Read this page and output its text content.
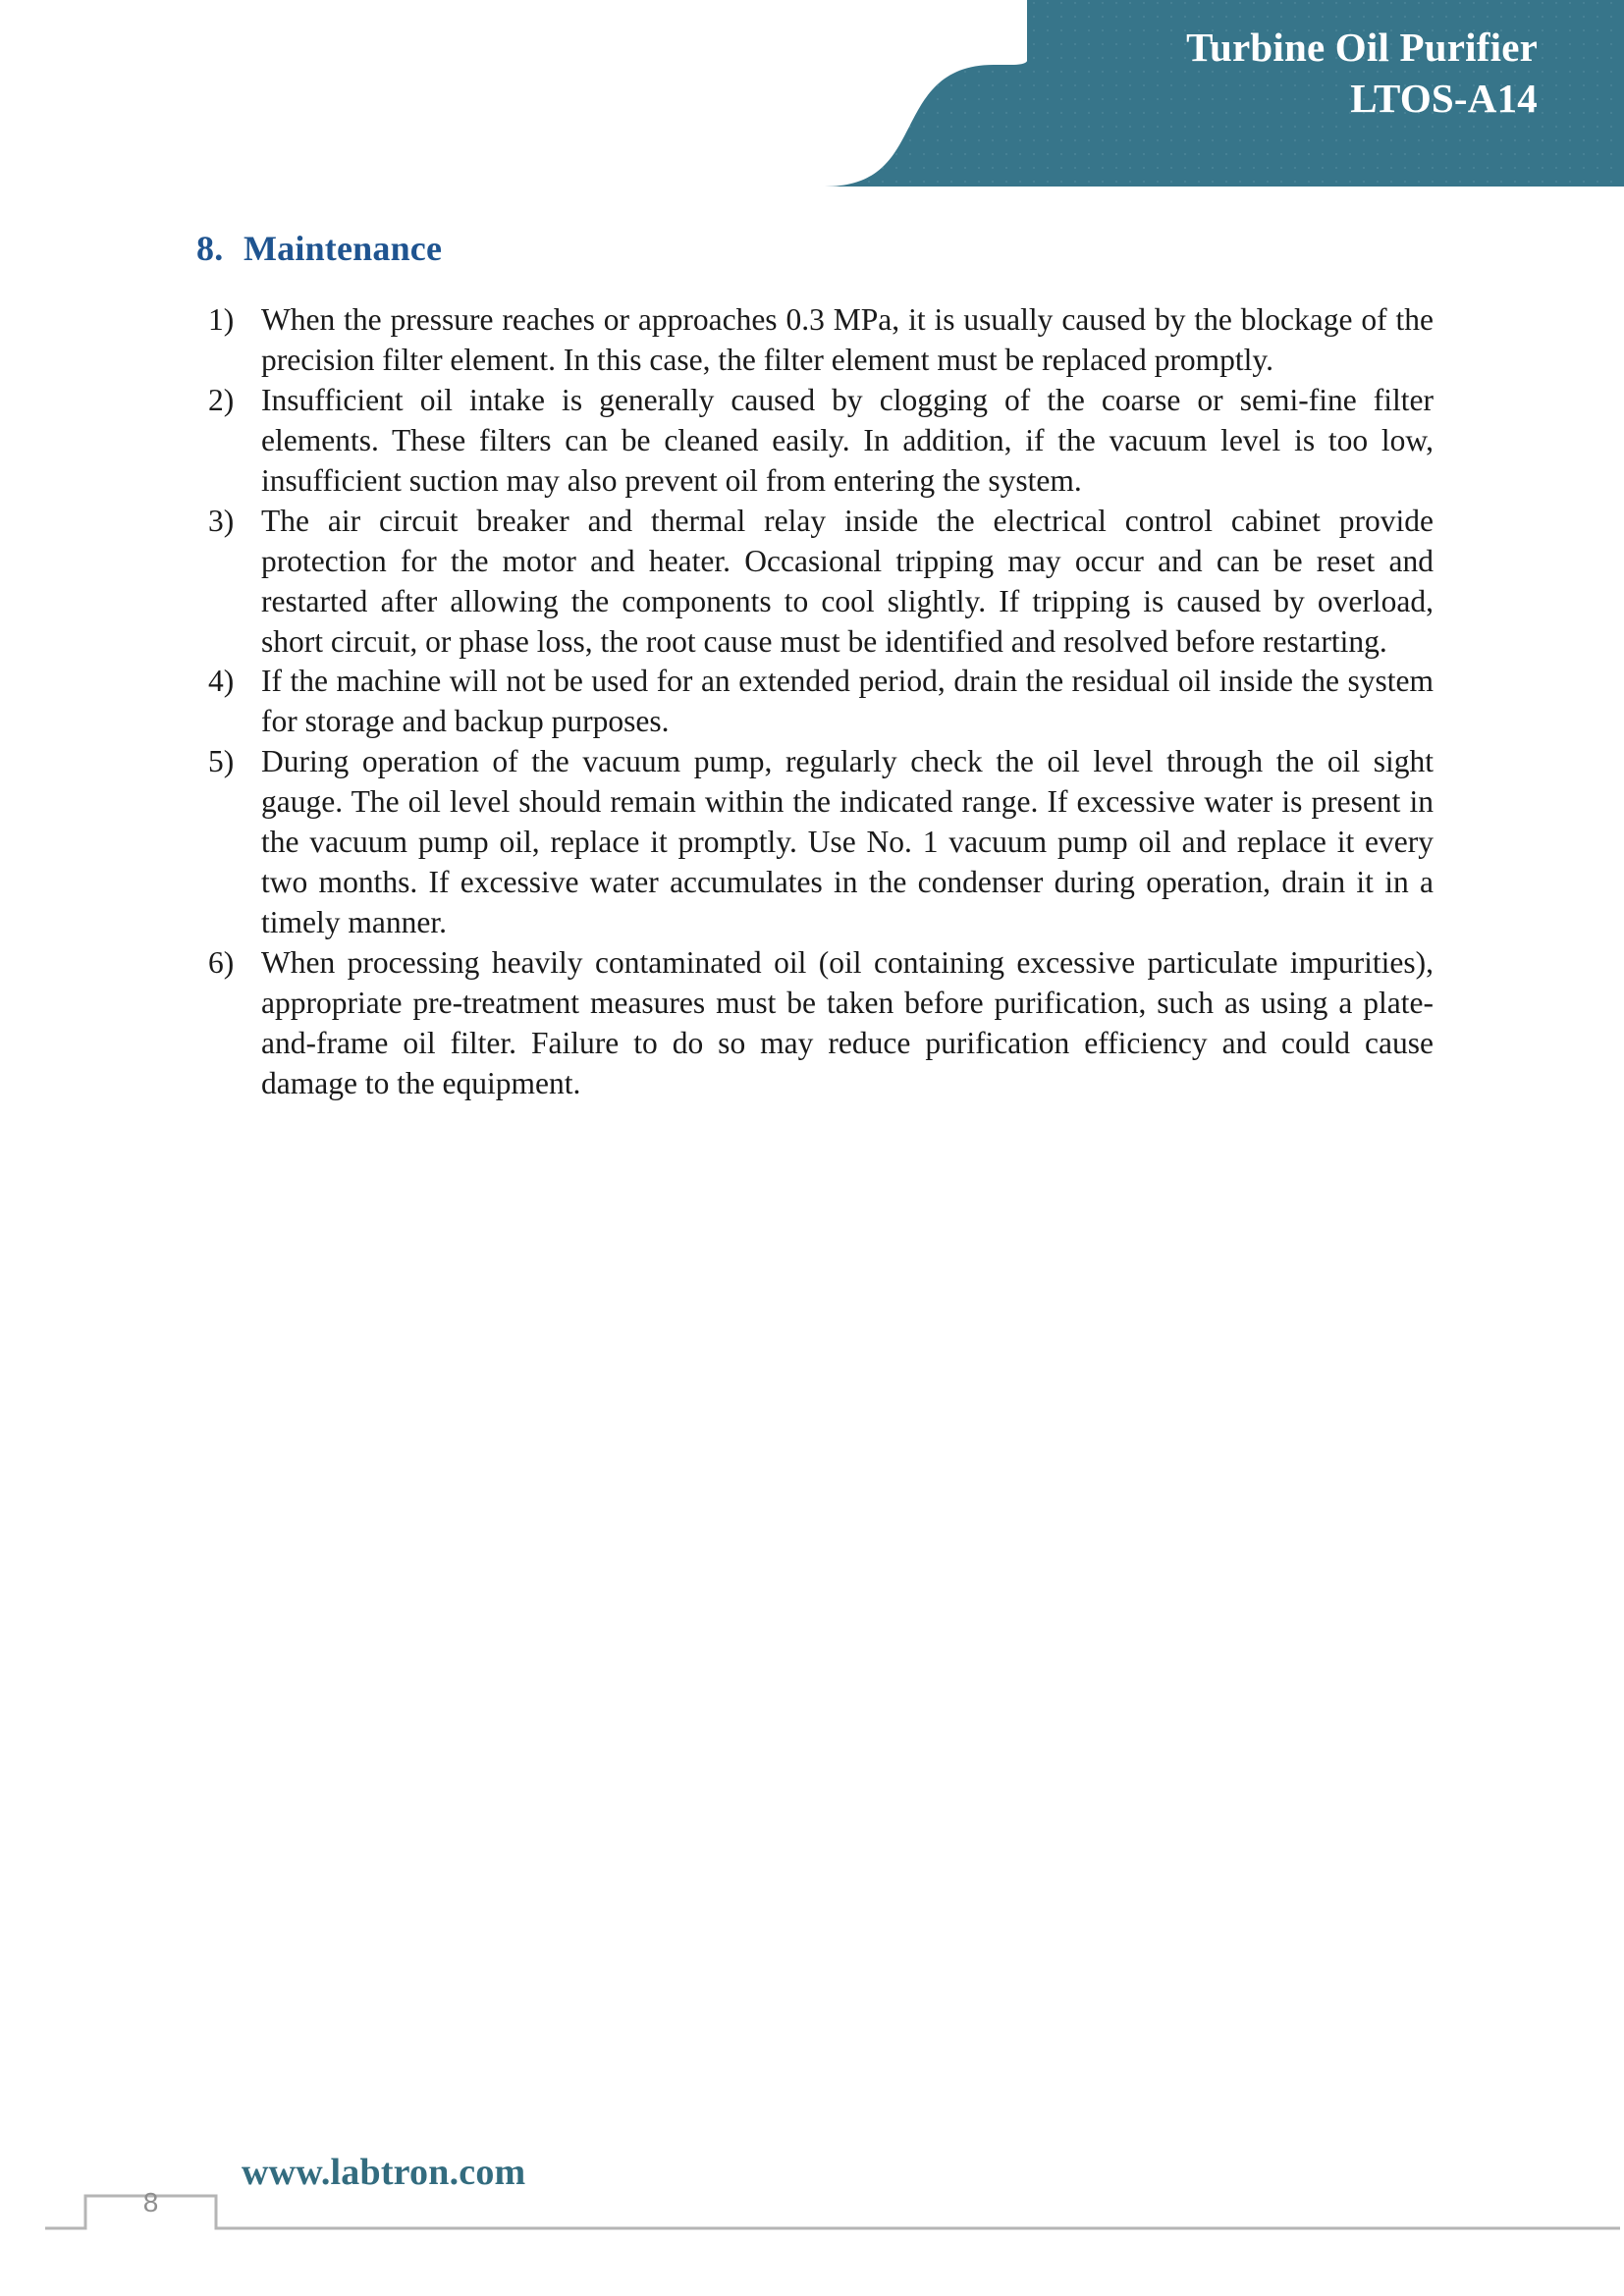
Turbine Oil Purifier
LTOS-A14
8. Maintenance
1) When the pressure reaches or approaches 0.3 MPa, it is usually caused by the blockage of the precision filter element. In this case, the filter element must be replaced promptly.
2) Insufficient oil intake is generally caused by clogging of the coarse or semi-fine filter elements. These filters can be cleaned easily. In addition, if the vacuum level is too low, insufficient suction may also prevent oil from entering the system.
3) The air circuit breaker and thermal relay inside the electrical control cabinet provide protection for the motor and heater. Occasional tripping may occur and can be reset and restarted after allowing the components to cool slightly. If tripping is caused by overload, short circuit, or phase loss, the root cause must be identified and resolved before restarting.
4) If the machine will not be used for an extended period, drain the residual oil inside the system for storage and backup purposes.
5) During operation of the vacuum pump, regularly check the oil level through the oil sight gauge. The oil level should remain within the indicated range. If excessive water is present in the vacuum pump oil, replace it promptly. Use No. 1 vacuum pump oil and replace it every two months. If excessive water accumulates in the condenser during operation, drain it in a timely manner.
6) When processing heavily contaminated oil (oil containing excessive particulate impurities), appropriate pre-treatment measures must be taken before purification, such as using a plate-and-frame oil filter. Failure to do so may reduce purification efficiency and could cause damage to the equipment.
8
www.labtron.com
